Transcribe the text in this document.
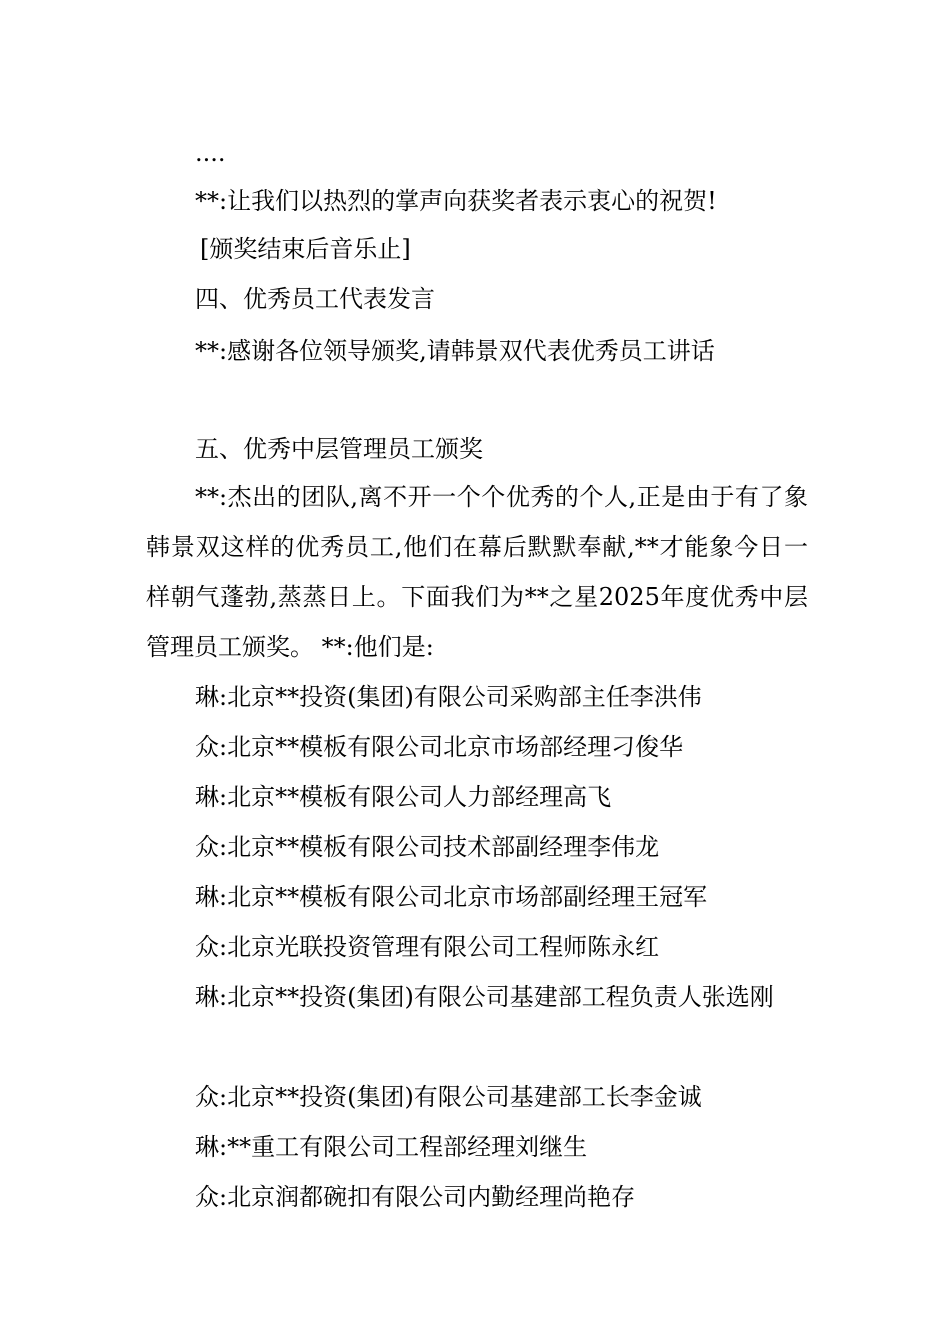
....

**:让我们以热烈的掌声向获奖者表示衷心的祝贺!

[颁奖结束后音乐止]

四、优秀员工代表发言

**:感谢各位领导颁奖,请韩景双代表优秀员工讲话

五、优秀中层管理员工颁奖

**:杰出的团队,离不开一个个优秀的个人,正是由于有了象韩景双这样的优秀员工,他们在幕后默默奉献,**才能象今日一样朝气蓬勃,蒸蒸日上。下面我们为**之星2025年度优秀中层管理员工颁奖。 **:他们是:

琳:北京**投资(集团)有限公司采购部主任李洪伟

众:北京**模板有限公司北京市场部经理刁俊华

琳:北京**模板有限公司人力部经理高飞

众:北京**模板有限公司技术部副经理李伟龙

琳:北京**模板有限公司北京市场部副经理王冠军

众:北京光联投资管理有限公司工程师陈永红

琳:北京**投资(集团)有限公司基建部工程负责人张选刚

众:北京**投资(集团)有限公司基建部工长李金诚

琳:**重工有限公司工程部经理刘继生

众:北京润都碗扣有限公司内勤经理尚艳存
